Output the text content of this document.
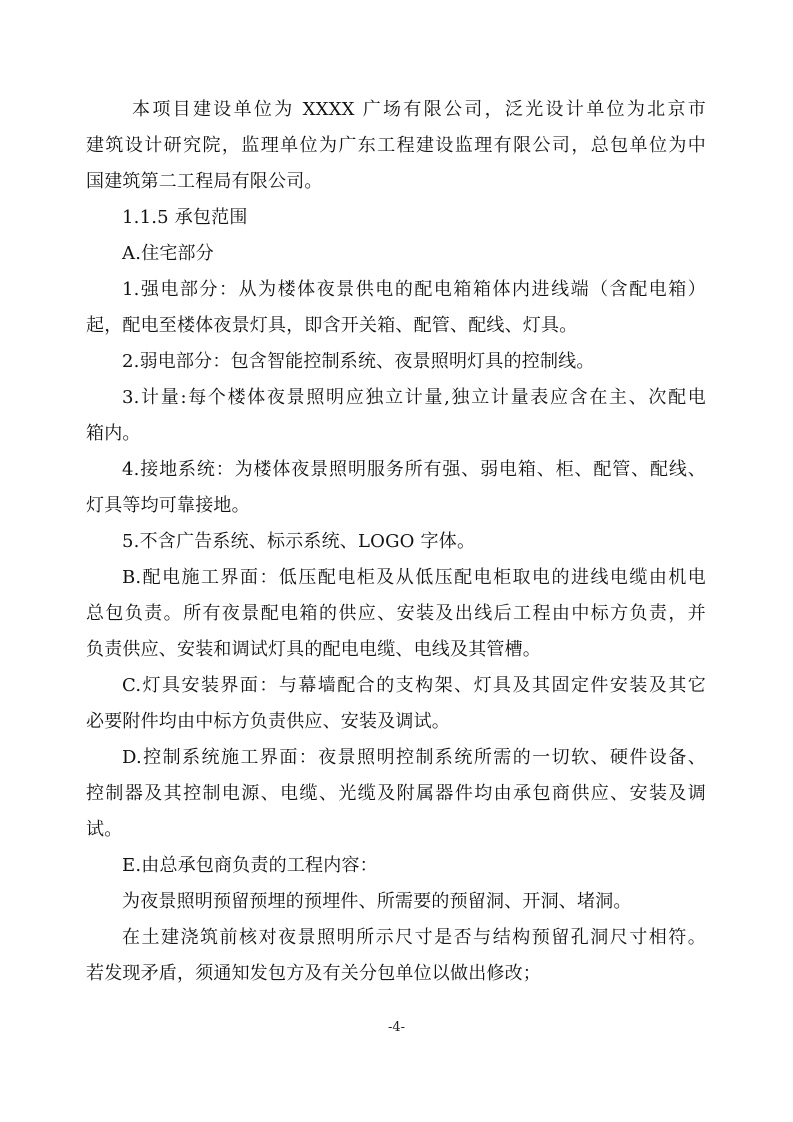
本项目建设单位为 XXXX 广场有限公司，泛光设计单位为北京市
建筑设计研究院，监理单位为广东工程建设监理有限公司，总包单位为中
国建筑第二工程局有限公司。
1.1.5 承包范围
A.住宅部分
1.强电部分：从为楼体夜景供电的配电箱箱体内进线端（含配电箱）
起，配电至楼体夜景灯具，即含开关箱、配管、配线、灯具。
2.弱电部分：包含智能控制系统、夜景照明灯具的控制线。
3.计量:每个楼体夜景照明应独立计量,独立计量表应含在主、次配电
箱内。
4.接地系统：为楼体夜景照明服务所有强、弱电箱、柜、配管、配线、
灯具等均可靠接地。
5.不含广告系统、标示系统、LOGO 字体。
B.配电施工界面：低压配电柜及从低压配电柜取电的进线电缆由机电
总包负责。所有夜景配电箱的供应、安装及出线后工程由中标方负责，并
负责供应、安装和调试灯具的配电电缆、电线及其管槽。
C.灯具安装界面：与幕墙配合的支构架、灯具及其固定件安装及其它
必要附件均由中标方负责供应、安装及调试。
D.控制系统施工界面：夜景照明控制系统所需的一切软、硬件设备、
控制器及其控制电源、电缆、光缆及附属器件均由承包商供应、安装及调
试。
E.由总承包商负责的工程内容：
为夜景照明预留预埋的预埋件、所需要的预留洞、开洞、堵洞。
在土建浇筑前核对夜景照明所示尺寸是否与结构预留孔洞尺寸相符。
若发现矛盾，须通知发包方及有关分包单位以做出修改；
-4-
